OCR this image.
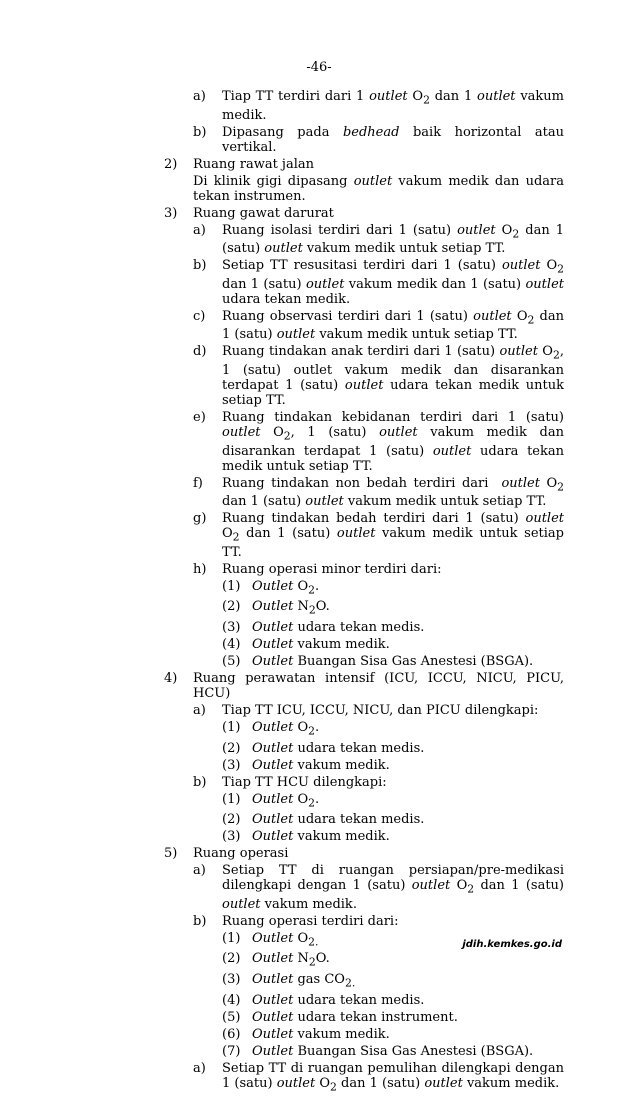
-46-
a) Tiap TT terdiri dari 1 outlet $O_2$ dan 1 outlet vakum medik.
b) Dipasang pada bedhead baik horizontal atau vertikal.
2) Ruang rawat jalan
Di klinik gigi dipasang outlet vakum medik dan udara tekan instrumen.
3) Ruang gawat darurat
a) Ruang isolasi terdiri dari 1 (satu) outlet $O_2$ dan 1 (satu) outlet vakum medik untuk setiap TT.
b) Setiap TT resusitasi terdiri dari 1 (satu) outlet $O_2$ dan 1 (satu) outlet vakum medik dan 1 (satu) outlet udara tekan medik.
c) Ruang observasi terdiri dari 1 (satu) outlet $O_2$ dan 1 (satu) outlet vakum medik untuk setiap TT.
d) Ruang tindakan anak terdiri dari 1 (satu) outlet $O_2$, 1 (satu) outlet vakum medik dan disarankan terdapat 1 (satu) outlet udara tekan medik untuk setiap TT.
e) Ruang tindakan kebidanan terdiri dari 1 (satu) outlet $O_2$, 1 (satu) outlet vakum medik dan disarankan terdapat 1 (satu) outlet udara tekan medik untuk setiap TT.
f) Ruang tindakan non bedah terdiri dari  outlet $O_2$ dan 1 (satu) outlet vakum medik untuk setiap TT.
g) Ruang tindakan bedah terdiri dari 1 (satu) outlet $O_2$ dan 1 (satu) outlet vakum medik untuk setiap TT.
h) Ruang operasi minor terdiri dari:
(1) Outlet $O_2$.
(2) Outlet $N_2O$.
(3) Outlet udara tekan medis.
(4) Outlet vakum medik.
(5) Outlet Buangan Sisa Gas Anestesi (BSGA).
4) Ruang perawatan intensif (ICU, ICCU, NICU, PICU, HCU)
a) Tiap TT ICU, ICCU, NICU, dan PICU dilengkapi:
(1) Outlet $O_2$.
(2) Outlet udara tekan medis.
(3) Outlet vakum medik.
b) Tiap TT HCU dilengkapi:
(1) Outlet $O_2$.
(2) Outlet udara tekan medis.
(3) Outlet vakum medik.
5) Ruang operasi
a) Setiap TT di ruangan persiapan/pre-medikasi dilengkapi dengan 1 (satu) outlet $O_2$ dan 1 (satu) outlet vakum medik.
b) Ruang operasi terdiri dari:
(1) Outlet $O_{2.}$
(2) Outlet $N_2O$.
(3) Outlet gas $CO_{2.}$
(4) Outlet udara tekan medis.
(5) Outlet udara tekan instrument.
(6) Outlet vakum medik.
(7) Outlet Buangan Sisa Gas Anestesi (BSGA).
a) Setiap TT di ruangan pemulihan dilengkapi dengan 1 (satu) outlet $O_2$ dan 1 (satu) outlet vakum medik.
jdih.kemkes.go.id
